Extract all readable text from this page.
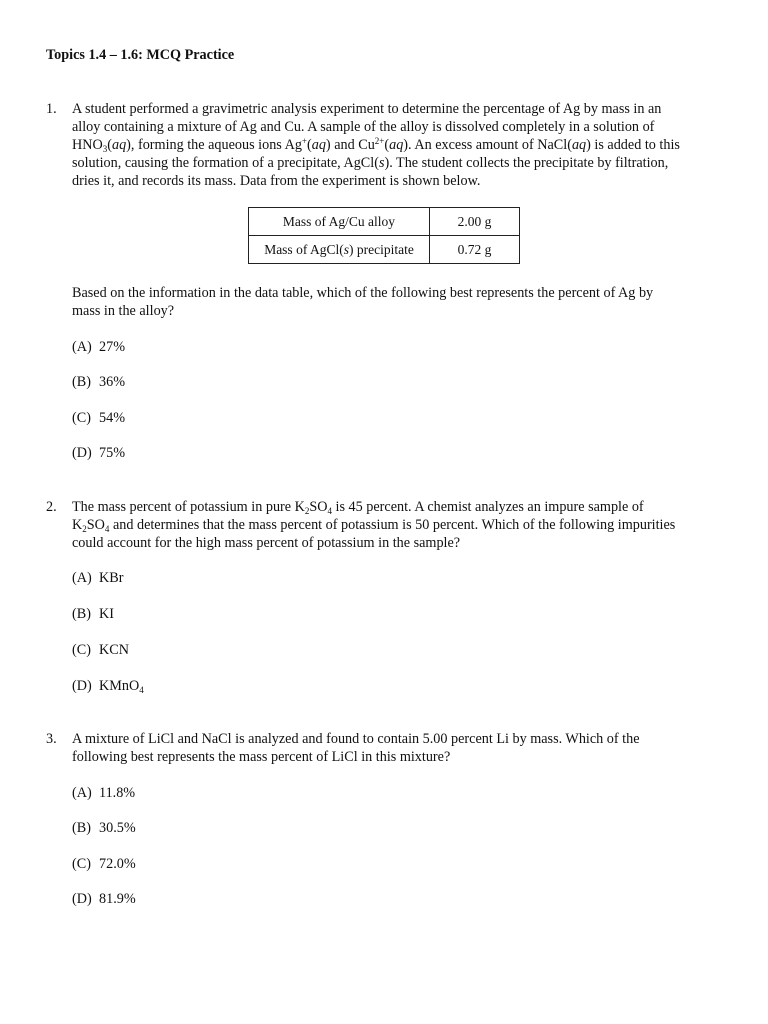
Topics 1.4 – 1.6: MCQ Practice
1. A student performed a gravimetric analysis experiment to determine the percentage of Ag by mass in an
alloy containing a mixture of Ag and Cu. A sample of the alloy is dissolved completely in a solution of
$HNO_3(aq)$, forming the aqueous ions Ag+(aq) and $Cu^{2+}(aq)$. An excess amount of NaCl(aq) is added to this
solution, causing the formation of a precipitate, AgCl(s). The student collects the precipitate by filtration,
dries it, and records its mass. Data from the experiment is shown below.
Mass of Ag/Cu alloy	2.00 g
Mass of AgCl(s) precipitate	0.72 g
Based on the information in the data table, which of the following best represents the percent of Ag by
mass in the alloy?
(A) 27%
(B) 36%
(C) 54%
(D) 75%
2. The mass percent of potassium in pure $K_2SO_4$ is 45 percent. A chemist analyzes an impure sample of
$K_2SO_4$ and determines that the mass percent of potassium is 50 percent. Which of the following impurities
could account for the high mass percent of potassium in the sample?
(A) KBr
(B) KI
(C) KCN
(D) KMnO$_4$
3. A mixture of LiCl and NaCl is analyzed and found to contain 5.00 percent Li by mass. Which of the
following best represents the mass percent of LiCl in this mixture?
(A) 11.8%
(B) 30.5%
(C) 72.0%
(D) 81.9%
